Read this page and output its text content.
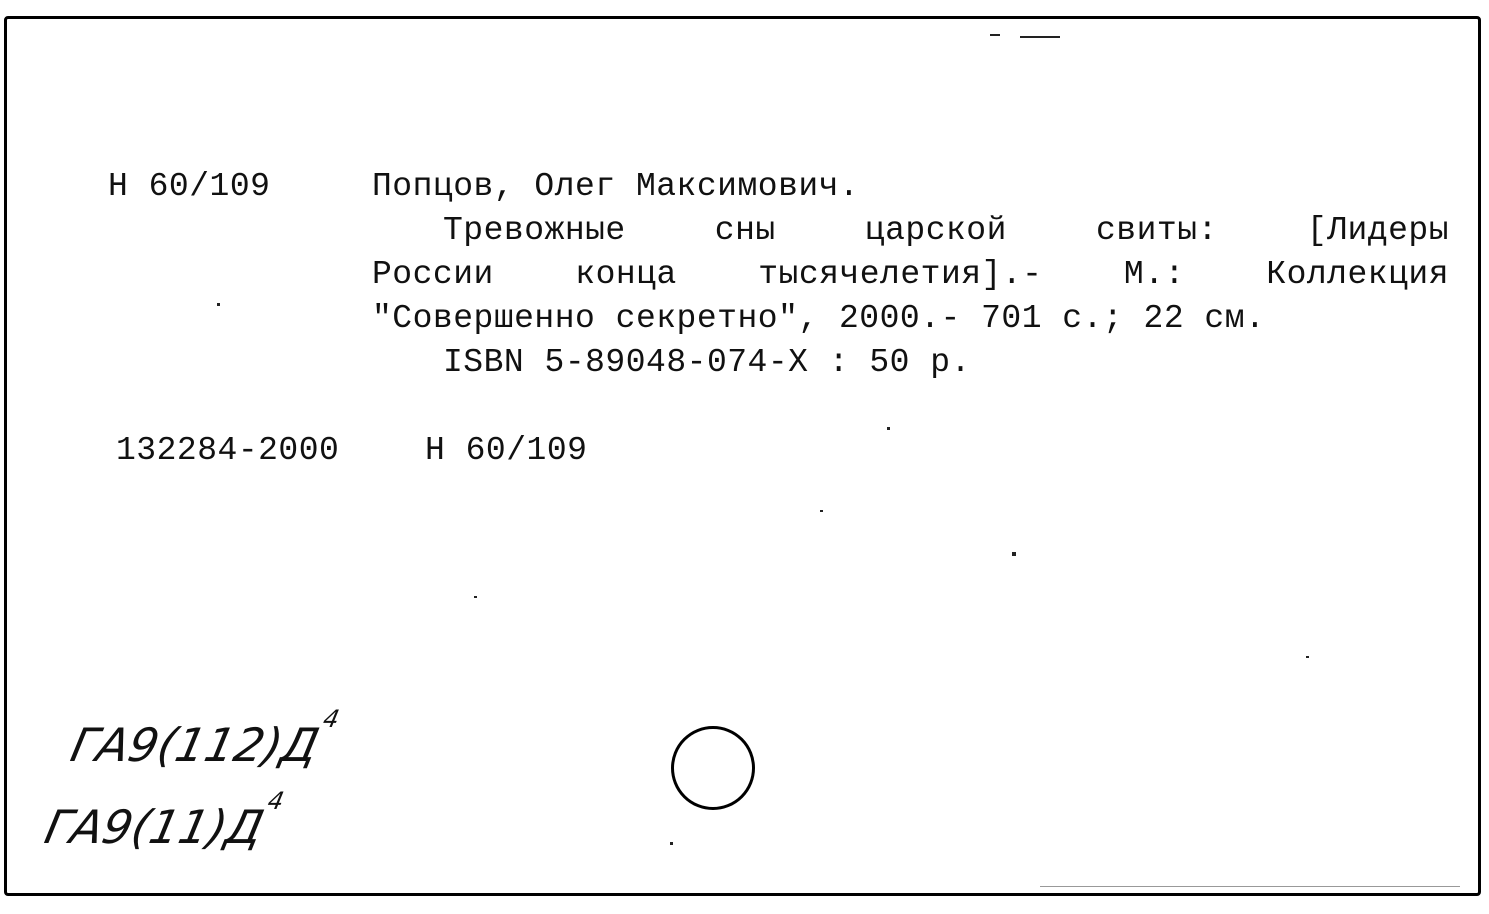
Н 60/109	Попцов, Олег Максимович.
Тревожные сны царской свиты: [Лидеры
России конца тысячелетия].- М.: Коллекция
"Совершенно секретно", 2000.- 701 с.; 22 см.
ISBN 5-89048-074-X : 50 р.
132284-2000	Н 60/109
$ГА9(112)Д^4$
$ГА9(11)Д^4$
